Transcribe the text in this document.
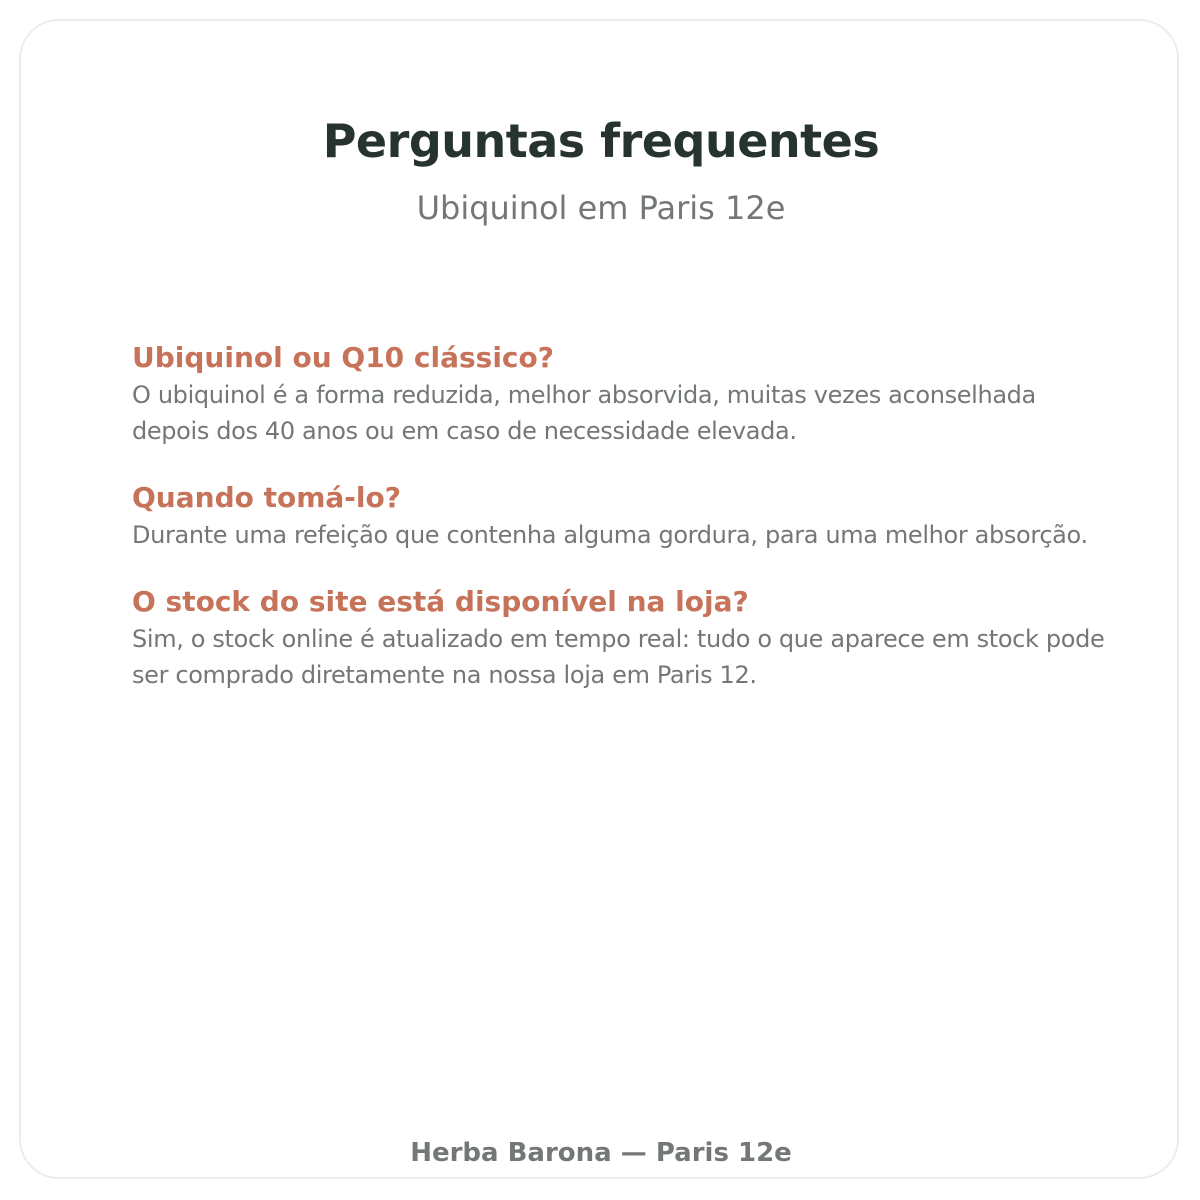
Perguntas frequentes
Ubiquinol em Paris 12e

Ubiquinol ou Q10 clássico?

O ubiquinol é a forma reduzida, melhor absorvida, muitas vezes aconselhada depois dos 40 anos ou em caso de necessidade elevada.

Quando tomá-lo?

Durante uma refeição que contenha alguma gordura, para uma melhor absorção.

O stock do site está disponível na loja?

Sim, o stock online é atualizado em tempo real: tudo o que aparece em stock pode ser comprado diretamente na nossa loja em Paris 12.

Herba Barona — Paris 12e
